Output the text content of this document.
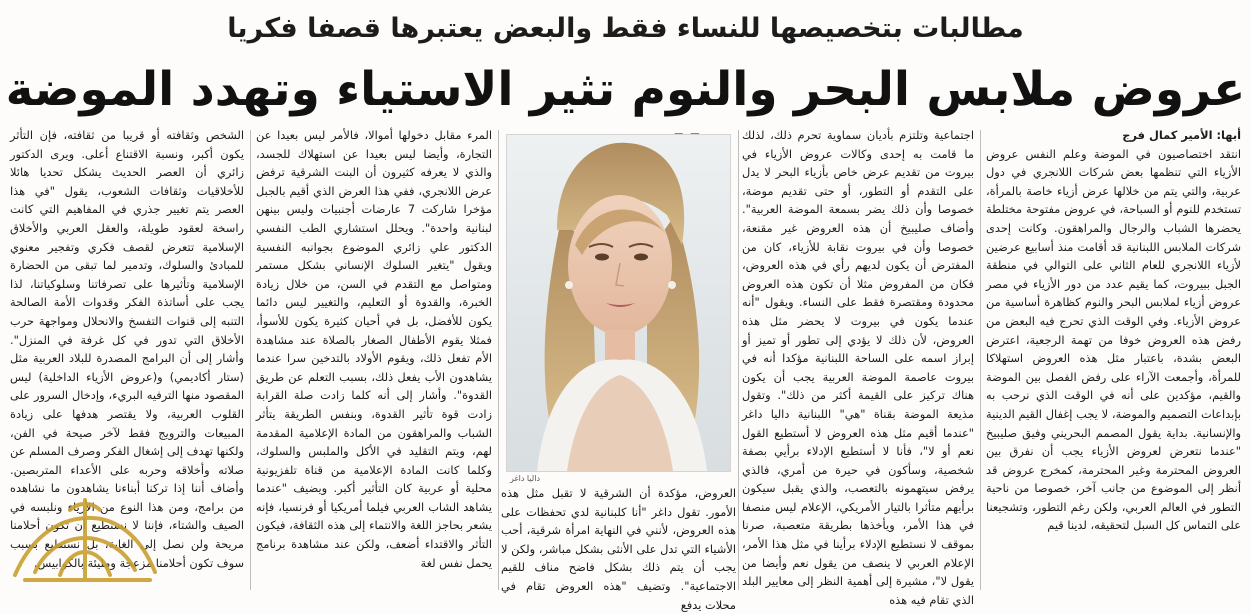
مطالبات بتخصيصها للنساء فقط والبعض يعتبرها قصفا فكريا
عروض ملابس البحر والنوم تثير الاستياء وتهدد الموضة

أبها: الأمير كمال فرج

انتقد اختصاصيون في الموضة وعلم النفس عروض الأزياء التي تنظمها بعض شركات اللانجري في دول عربية، والتي يتم من خلالها عرض أزياء خاصة بالمرأة، تستخدم للنوم أو السباحة، في عروض مفتوحة مختلطة يحضرها الشباب والرجال والمراهقون. وكانت إحدى شركات الملابس اللبنانية قد أقامت منذ أسابيع عرضين لأزياء اللانجري للعام الثاني على التوالي في منطقة الجبل ببيروت، كما يقيم عدد من دور الأزياء في مصر عروض أزياء لملابس البحر والنوم كظاهرة أساسية من عروض الأزياء. وفي الوقت الذي تحرج فيه البعض من رفض هذه العروض خوفا من تهمة الرجعية، اعترض البعض بشدة، باعتبار مثل هذه العروض استهلاكا للمرأة، وأجمعت الآراء على رفض الفصل بين الموضة والقيم، مؤكدين على أنه في الوقت الذي نرحب به بإبداعات التصميم والموضة، لا يجب إغفال القيم الدينية والإنسانية. بداية يقول المصمم البحريني وفيق صليبيخ "عندما نتعرض لعروض الأزياء يجب أن نفرق بين العروض المحترمة وغير المحترمة، كمخرج عروض قد أنظر إلى الموضوع من جانب آخر، خصوصا من ناحية التطور في العالم العربي، ولكن رغم التطور، وتشجيعنا على التماس كل السبل لتحقيقه، لدينا قيم

اجتماعية وتلتزم بأديان سماوية تحرم ذلك، لذلك ما قامت به إحدى وكالات عروض الأزياء في بيروت من تقديم عرض خاص بأزياء البحر لا يدل على التقدم أو التطور، أو حتى تقديم موضة، خصوصا وأن ذلك يضر بسمعة الموضة العربية". وأضاف صليبيخ أن هذه العروض غير مقنعة، خصوصا وأن في بيروت نقابة للأزياء، كان من المفترض أن يكون لديهم رأي في هذه العروض، فكان من المفروض مثلا أن تكون هذه العروض محدودة ومقتصرة فقط على النساء. ويقول "أنه عندما يكون في بيروت لا يحضر مثل هذه العروض، لأن ذلك لا يؤدي إلى تطور أو تميز أو إبراز اسمه على الساحة اللبنانية مؤكدا أنه في بيروت عاصمة الموضة العربية يجب أن يكون هناك تركيز على القيمة أكثر من ذلك". وتقول مذيعة الموضة بقناة "هي" اللبنانية داليا داغر "عندما أقيم مثل هذه العروض لا أستطيع القول نعم أو لا"، فأنا لا أستطيع الإدلاء برأيي بصفة شخصية، وسأكون في حيرة من أمري، فالذي يرفض سيتهمونه بالتعصب، والذي يقبل سيكون برأيهم متأثرا بالتيار الأمريكي، الإعلام ليس منصفا في هذا الأمر، ويأخذها بطريقة متعصبة، صرنا بموقف لا نستطيع الإدلاء برأينا في مثل هذا الأمر، الإعلام العربي لا ينصف من يقول نعم وأيضا من يقول لا"، مشيرة إلى أهمية النظر إلى معايير البلد الذي تقام فيه هذه

داليا داغر

العروض، مؤكدة أن الشرقية لا تقبل مثل هذه الأمور. تقول داغر "أنا كلبنانية لدي تحفظات على هذه العروض، لأنني في النهاية امرأة شرقية، أحب الأشياء التي تدل على الأنثى بشكل مباشر، ولكن لا يجب أن يتم ذلك بشكل فاضح مناف للقيم الاجتماعية". وتضيف "هذه العروض تقام في محلات يدفع

المرء مقابل دخولها أموالا، فالأمر ليس بعيدا عن التجارة، وأيضا ليس بعيدا عن استهلاك للجسد، والذي لا يعرفه كثيرون أن البنت الشرقية ترفض عرض اللانجري، ففي هذا العرض الذي أقيم بالجبل مؤخرا شاركت 7 عارضات أجنبيات وليس بينهن لبنانية واحدة". ويحلل استشاري الطب النفسي الدكتور علي زائري الموضوع بجوانبه النفسية ويقول "يتغير السلوك الإنساني بشكل مستمر ومتواصل مع التقدم في السن، من خلال زيادة الخبرة، والقدوة أو التعليم، والتغيير ليس دائما يكون للأفضل، بل في أحيان كثيرة يكون للأسوأ، فمثلا يقوم الأطفال الصغار بالصلاة عند مشاهدة الأم تفعل ذلك، ويقوم الأولاد بالتدخين سرا عندما يشاهدون الأب يفعل ذلك، بسبب التعلم عن طريق القدوة". وأشار إلى أنه كلما زادت صلة القرابة زادت قوة تأثير القدوة، وبنفس الطريقة يتأثر الشباب والمراهقون من المادة الإعلامية المقدمة لهم، ويتم التقليد في الأكل والملبس والسلوك، وكلما كانت المادة الإعلامية من قناة تلفزيونية محلية أو عربية كان التأثير أكبر. ويضيف "عندما يشاهد الشاب العربي فيلما أمريكيا أو فرنسيا، فإنه يشعر بحاجز اللغة والانتماء إلى هذه الثقافة، فيكون التأثر والاقتداء أضعف، ولكن عند مشاهدة برنامج يحمل نفس لغة

الشخص وثقافته أو قريبا من ثقافته، فإن التأثر يكون أكبر، ونسبة الاقتناع أعلى. ويرى الدكتور زائري أن العصر الحديث يشكل تحديا هائلا للأخلاقيات وثقافات الشعوب، يقول "في هذا العصر يتم تغيير جذري في المفاهيم التي كانت راسخة لعقود طويلة، والعقل العربي والأخلاق الإسلامية تتعرض لقصف فكري وتفجير معنوي للمبادئ والسلوك، وتدمير لما تبقى من الحضارة الإسلامية وتأثيرها على تصرفاتنا وسلوكياتنا، لذا يجب على أساتذة الفكر وقدوات الأمة الصالحة التنبه إلى قنوات التفسخ والانحلال ومواجهة حرب الأخلاق التي تدور في كل غرفة في المنزل". وأشار إلى أن البرامج المصدرة للبلاد العربية مثل (ستار أكاديمي) و(عروض الأزياء الداخلية) ليس المقصود منها الترفيه البريء، وإدخال السرور على القلوب العربية، ولا يقتصر هدفها على زيادة المبيعات والترويج فقط لآخر صيحة في الفن، ولكنها تهدف إلى إشغال الفكر وصرف المسلم عن صلاته وأخلاقه وحربه على الأعداء المتربصين. وأضاف أننا إذا تركنا أبناءنا يشاهدون ما نشاهده من برامج، ومن هذا النوع من الأزياء ونلبسه في الصيف والشتاء، فإننا لا نستطيع أن تكون أحلامنا مريحة ولن نصل إلى الغاية، بل نستطيع بسبب سوف تكون أحلامنا مزعجة ومليئة بالكوابيس.
